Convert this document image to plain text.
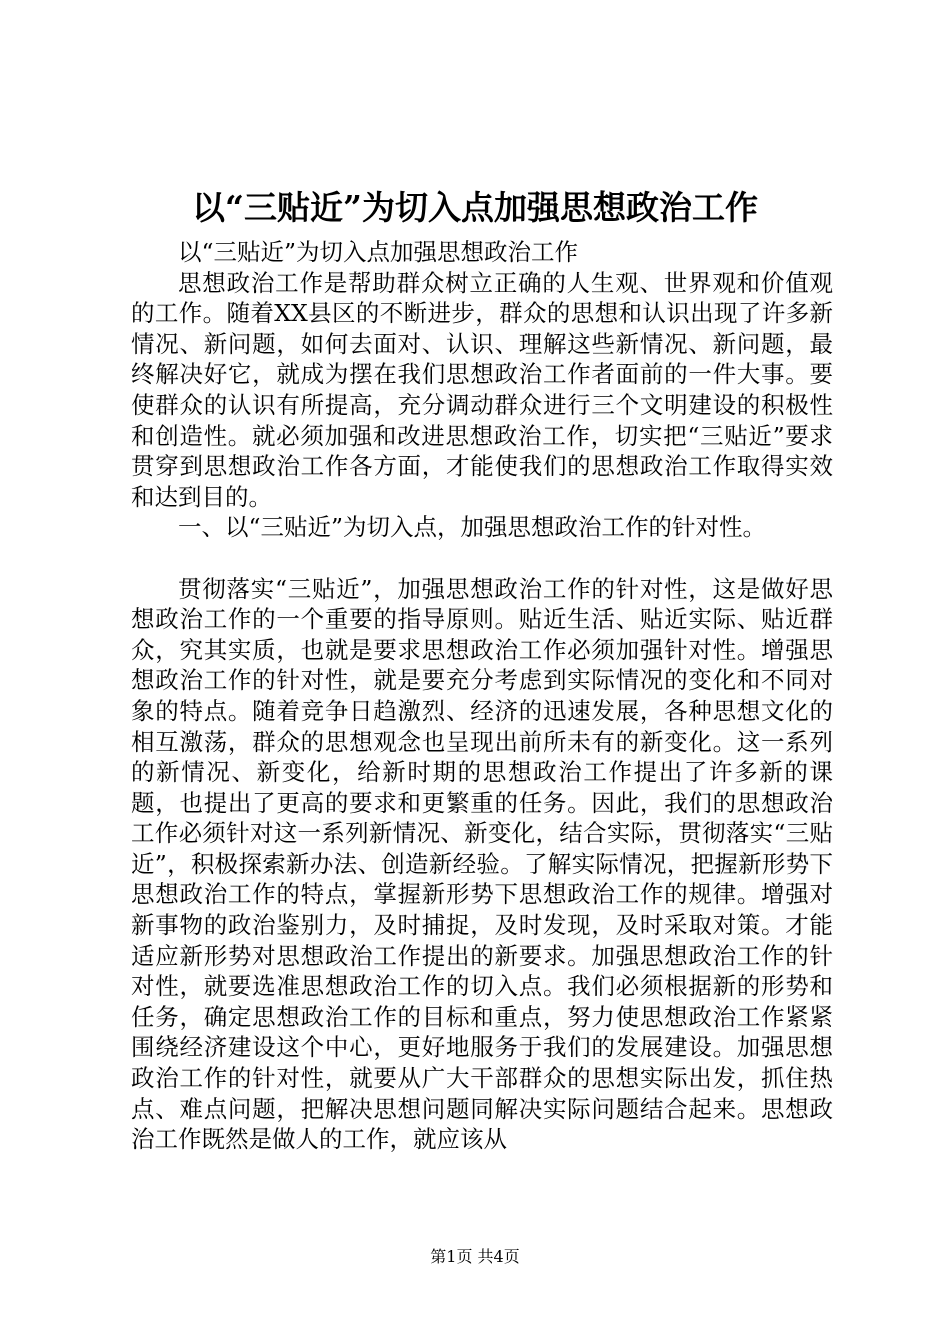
以“三贴近”为切入点加强思想政治工作

以“三贴近”为切入点加强思想政治工作

思想政治工作是帮助群众树立正确的人生观、世界观和价值观的工作。随着XX县区的不断进步，群众的思想和认识出现了许多新情况、新问题，如何去面对、认识、理解这些新情况、新问题，最终解决好它，就成为摆在我们思想政治工作者面前的一件大事。要使群众的认识有所提高，充分调动群众进行三个文明建设的积极性和创造性。就必须加强和改进思想政治工作，切实把“三贴近”要求贯穿到思想政治工作各方面，才能使我们的思想政治工作取得实效和达到目的。

一、以“三贴近”为切入点，加强思想政治工作的针对性。

贯彻落实“三贴近”，加强思想政治工作的针对性，这是做好思想政治工作的一个重要的指导原则。贴近生活、贴近实际、贴近群众，究其实质，也就是要求思想政治工作必须加强针对性。增强思想政治工作的针对性，就是要充分考虑到实际情况的变化和不同对象的特点。随着竞争日趋激烈、经济的迅速发展，各种思想文化的相互激荡，群众的思想观念也呈现出前所未有的新变化。这一系列的新情况、新变化，给新时期的思想政治工作提出了许多新的课题，也提出了更高的要求和更繁重的任务。因此，我们的思想政治工作必须针对这一系列新情况、新变化，结合实际，贯彻落实“三贴近”，积极探索新办法、创造新经验。了解实际情况，把握新形势下思想政治工作的特点，掌握新形势下思想政治工作的规律。增强对新事物的政治鉴别力，及时捕捉，及时发现，及时采取对策。才能适应新形势对思想政治工作提出的新要求。加强思想政治工作的针对性，就要选准思想政治工作的切入点。我们必须根据新的形势和任务，确定思想政治工作的目标和重点，努力使思想政治工作紧紧围绕经济建设这个中心，更好地服务于我们的发展建设。加强思想政治工作的针对性，就要从广大干部群众的思想实际出发，抓住热点、难点问题，把解决思想问题同解决实际问题结合起来。思想政治工作既然是做人的工作，就应该从

第1页 共4页
